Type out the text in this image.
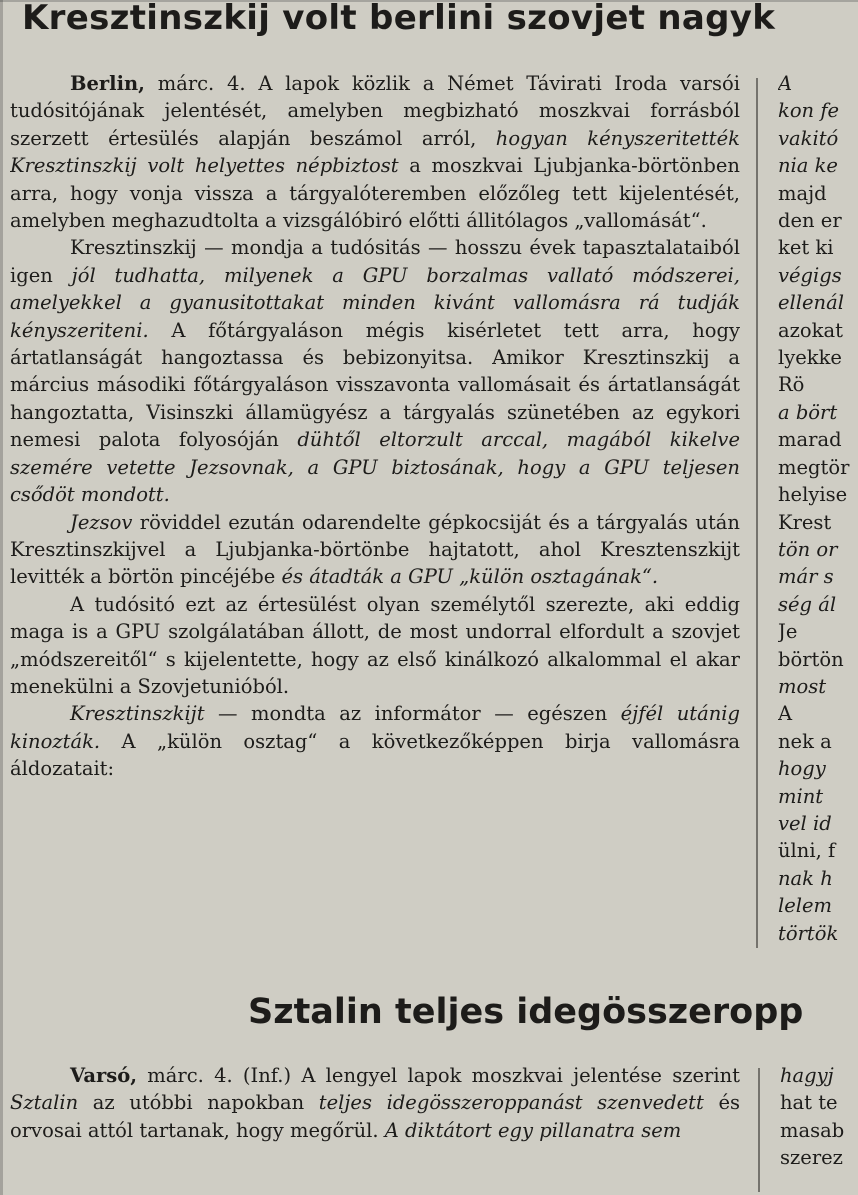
Kresztinszkij volt berlini szovjet nagyk

Berlin, márc. 4. A lapok közlik a Német Távirati Iroda varsói tudósitójának jelentését, amelyben megbizható moszkvai forrásból szerzett értesülés alapján beszámol arról, hogyan kényszeritették Kresztinszkij volt helyettes népbiztost a moszkvai Ljubjanka-börtönben arra, hogy vonja vissza a tárgyalóteremben előzőleg tett kijelentését, amelyben meghazudtolta a vizsgálóbiró előtti állitólagos „vallomását“.

Kresztinszkij — mondja a tudósitás — hosszu évek tapasztalataiból igen jól tudhatta, milyenek a GPU borzalmas vallató módszerei, amelyekkel a gyanusitottakat minden kivánt vallomásra rá tudják kényszeriteni. A főtárgyaláson mégis kisérletet tett arra, hogy ártatlanságát hangoztassa és bebizonyitsa. Amikor Kresztinszkij a március másodiki főtárgyaláson visszavonta vallomásait és ártatlanságát hangoztatta, Visinszki államügyész a tárgyalás szünetében az egykori nemesi palota folyosóján dühtől eltorzult arccal, magából kikelve szemére vetette Jezsovnak, a GPU biztosának, hogy a GPU teljesen csődöt mondott.

Jezsov röviddel ezután odarendelte gépkocsiját és a tárgyalás után Kresztinszkijvel a Ljubjanka-börtönbe hajtatott, ahol Kresztenszkijt levitték a börtön pincéjébe és átadták a GPU „külön osztagának“.

A tudósitó ezt az értesülést olyan személytől szerezte, aki eddig maga is a GPU szolgálatában állott, de most undorral elfordult a szovjet „módszereitől“ s kijelentette, hogy az első kinálkozó alkalommal el akar menekülni a Szovjetunióból.

Kresztinszkijt — mondta az informátor — egészen éjfél utánig kinozták. A „külön osztag“ a következőképpen birja vallomásra áldozatait:

A
kon fe
vakitó
nia ke
majd
den er
ket ki
végigs
ellenál
azokat
lyekke
Rö
a bört
marad
megtör
helyise
Krest
tön or
már s
ség ál
Je
börtön
most
A
nek a
hogy
mint
vel id
ülni, f
nak h
lelem
törtök
Sztalin teljes idegösszeropp

Varsó, márc. 4. (Inf.) A lengyel lapok moszkvai jelentése szerint Sztalin az utóbbi napokban teljes idegösszeroppanást szenvedett és orvosai attól tartanak, hogy megőrül. A diktátort egy pillanatra sem

hagyj
hat te
masab
szerez
